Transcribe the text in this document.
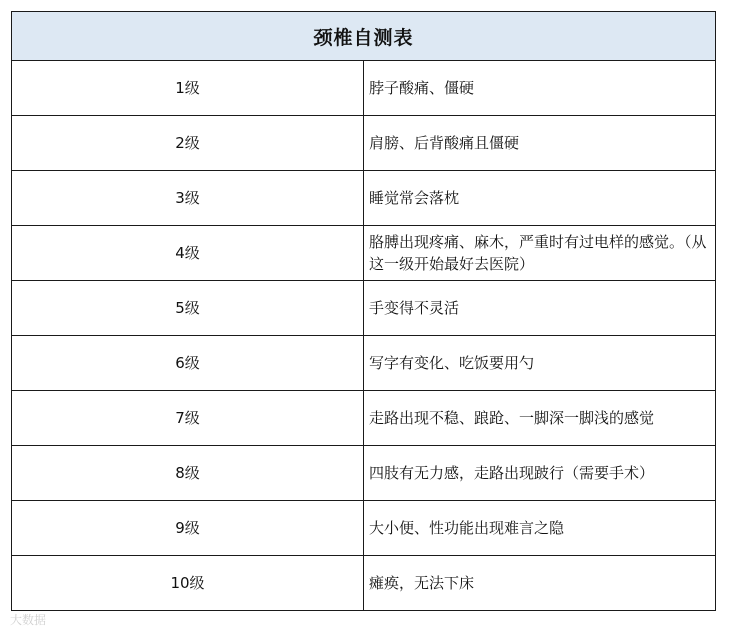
颈椎自测表	
1级	脖子酸痛、僵硬
2级	肩膀、后背酸痛且僵硬
3级	睡觉常会落枕
4级	胳膊出现疼痛、麻木，严重时有过电样的感觉。（从这一级开始最好去医院）
5级	手变得不灵活
6级	写字有变化、吃饭要用勺
7级	走路出现不稳、踉跄、一脚深一脚浅的感觉
8级	四肢有无力感，走路出现跛行（需要手术）
9级	大小便、性功能出现难言之隐
10级	瘫痪，无法下床
大数据
